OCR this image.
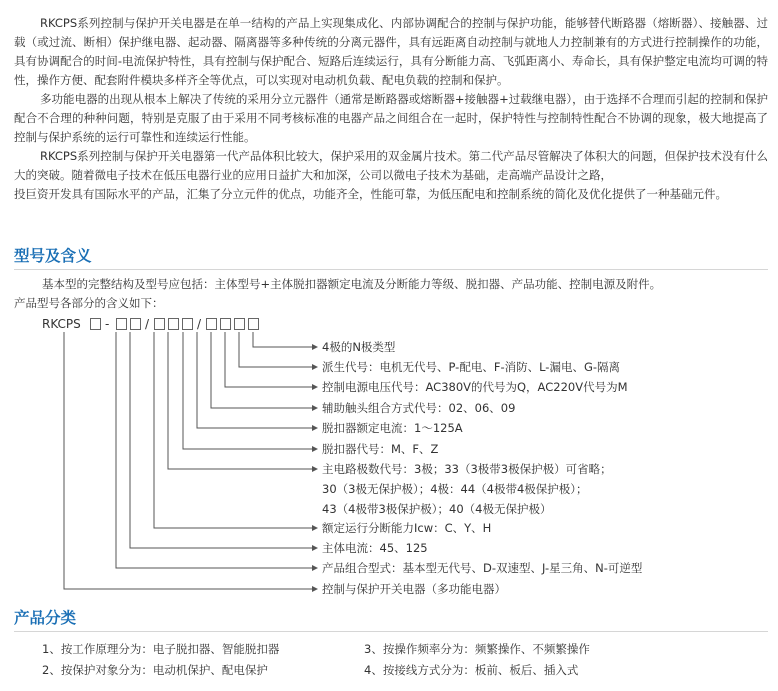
RKCPS系列控制与保护开关电器是在单一结构的产品上实现集成化、内部协调配合的控制与保护功能，能够替代断路器（熔断器）、接触器、过载（或过流、断相）保护继电器、起动器、隔离器等多种传统的分离元器件，具有远距离自动控制与就地人力控制兼有的方式进行控制操作的功能，具有协调配合的时间-电流保护特性，具有控制与保护配合、短路后连续运行，具有分断能力高、飞弧距离小、寿命长，具有保护整定电流均可调的特性，操作方便、配套附件模块多样齐全等优点，可以实现对电动机负载、配电负载的控制和保护。

多功能电器的出现从根本上解决了传统的采用分立元器件（通常是断路器或熔断器+接触器+过载继电器），由于选择不合理而引起的控制和保护配合不合理的种种问题，特别是克服了由于采用不同考核标准的电器产品之间组合在一起时，保护特性与控制特性配合不协调的现象，极大地提高了控制与保护系统的运行可靠性和连续运行性能。

RKCPS系列控制与保护开关电器第一代产品体积比较大，保护采用的双金属片技术。第二代产品尽管解决了体积大的问题，但保护技术没有什么大的突破。随着微电子技术在低压电器行业的应用日益扩大和加深，公司以微电子技术为基础，走高端产品设计之路，

投巨资开发具有国际水平的产品，汇集了分立元件的优点，功能齐全，性能可靠，为低压配电和控制系统的简化及优化提供了一种基础元件。

型号及含义
基本型的完整结构及型号应包括：主体型号+主体脱扣器额定电流及分断能力等级、脱扣器、产品功能、控制电源及附件。
产品型号各部分的含义如下：
RKCPS -	/	/
4极的N极类型
派生代号：电机无代号、P-配电、F-消防、L-漏电、G-隔离
控制电源电压代号：AC380V的代号为Q，AC220V代号为M
辅助触头组合方式代号：02、06、09
脱扣器额定电流：1～125A
脱扣器代号：M、F、Z
主电路极数代号：3极；33（3极带3极保护极）可省略；
30（3极无保护极）；4极：44（4极带4极保护极）；
43（4极带3极保护极）；40（4极无保护极）
额定运行分断能力Icw：C、Y、H
主体电流：45、125
产品组合型式：基本型无代号、D-双速型、J-星三角、N-可逆型
控制与保护开关电器（多功能电器）
产品分类
1、按工作原理分为：电子脱扣器、智能脱扣器
2、按保护对象分为：电动机保护、配电保护
3、按操作频率分为：频繁操作、不频繁操作
4、按接线方式分为：板前、板后、插入式
